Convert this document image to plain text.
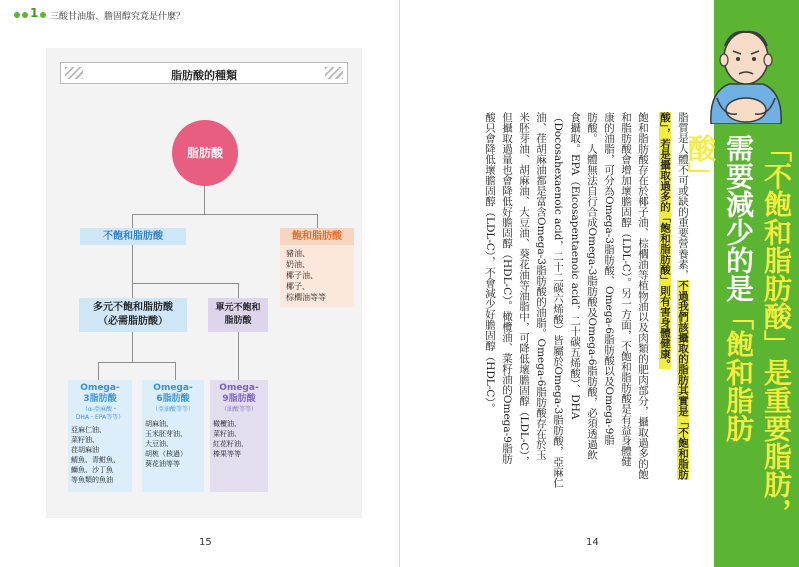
1 三酸甘油脂、膽固醇究竟是什麼？
脂肪酸的種類
脂肪酸
不飽和脂肪酸	飽和脂肪酸
豬油、
奶油、
椰子油、
椰子、
棕櫚油等等
多元不飽和脂肪酸
（必需脂肪酸）
單元不飽和
脂肪酸
Omega-
3脂肪酸
（α-亞麻酸・
DHA・EPA等等）
亞麻仁油、
菜籽油、
荏胡麻油
鯖魚、青魽魚、
鰤魚、沙丁魚
等魚類的魚油
Omega-
6脂肪酸
（亞油酸等等）
胡麻油、
玉米胚芽油、
大豆油、
胡桃（核過）
葵花油等等
Omega-
9脂肪酸
（油酸等等）
橄欖油、
菜籽油、
紅花籽油、
榛果等等
15	14
脂質是人體不可或缺的重要營養素，不過我們該攝取的脂肪其實是「不飽和脂肪
酸」，若是攝取過多的「飽和脂肪酸」則有害身體健康。
飽和脂肪酸存在於椰子油、棕櫚油等植物油以及肉類的肥肉部分，攝取過多的飽
和脂肪酸會增加壞膽固醇（LDL-C）。另一方面，不飽和脂肪酸是有益身體健
康的油脂，可分為Omega-3脂肪酸、Omega-6脂肪酸以及Omega-9脂
肪酸。人體無法自行合成Omega-3脂肪酸及Omega-6脂肪酸，必須透過飲
食攝取。EPA（Eicosapentaenoic acid，二十碳五烯酸）、DHA
（Docosahexaenoic acid，二十二碳六烯酸）皆屬於Omega-3脂肪酸，亞麻仁
油、荏胡麻油都是富含Omega-3脂肪酸的油脂。Omega-6脂肪酸存在於玉
米胚芽油、胡麻油、大豆油、葵花油等油脂中，可降低壞膽固醇（LDL-C），
但攝取過量也會降低好膽固醇（HDL-C）。橄欖油、菜籽油的Omega-9脂肪
酸只會降低壞膽固醇（LDL-C），不會減少好膽固醇（HDL-C）。	「不飽和脂肪酸」是重要脂肪，
需要減少的是「飽和脂肪
酸」
